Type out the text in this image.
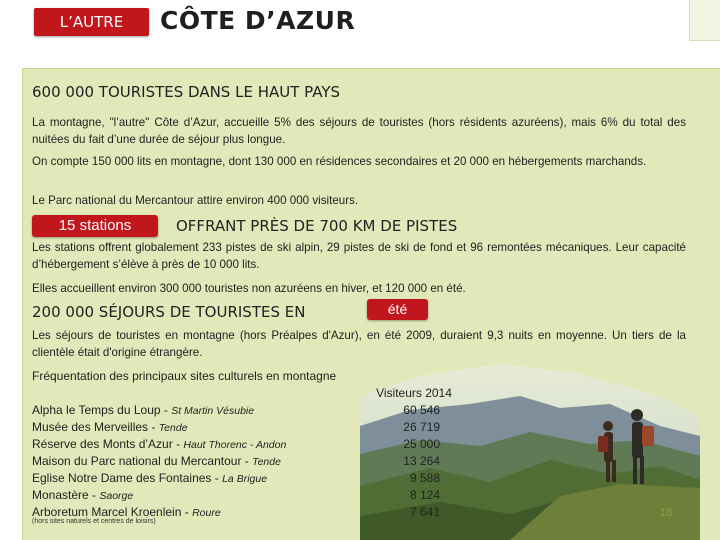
L’AUTRE	CÔTE D’AZUR
600 000 TOURISTES DANS LE HAUT PAYS
La montagne, "l’autre" Côte d’Azur, accueille 5% des séjours de touristes (hors résidents azuréens), mais 6% du total des nuitées du fait d’une durée de séjour plus longue.
On compte 150 000 lits en montagne, dont 130 000 en résidences secondaires et 20 000 en hébergements marchands.
Le Parc national du Mercantour attire environ 400 000 visiteurs.
15 stations	OFFRANT PRÈS DE 700 KM DE PISTES
Les stations offrent globalement 233 pistes de ski alpin, 29 pistes de ski de fond et 96 remontées mécaniques. Leur capacité d’hébergement s’élève à près de 10 000 lits.
Elles accueillent environ 300 000 touristes non azuréens en hiver, et 120 000 en été.
200 000 SÉJOURS DE TOURISTES EN	été
Les séjours de touristes en montagne (hors Préalpes d'Azur), en été 2009, duraient 9,3 nuits en moyenne. Un tiers de la clientèle était d'origine étrangère.
Fréquentation des principaux sites culturels en montagne
Visiteurs 2014
Alpha le Temps du Loup - St Martin Vésubie	60 546
Musée des Merveilles - Tende	26 719
Réserve des Monts d’Azur - Haut Thorenc - Andon	25 000
Maison du Parc national du Mercantour - Tende	13 264
Eglise Notre Dame des Fontaines - La Brigue	9 588
Monastère - Saorge	8 124
Arboretum Marcel Kroenlein - Roure	7 641
(hors sites naturels et centres de loisirs)
18
